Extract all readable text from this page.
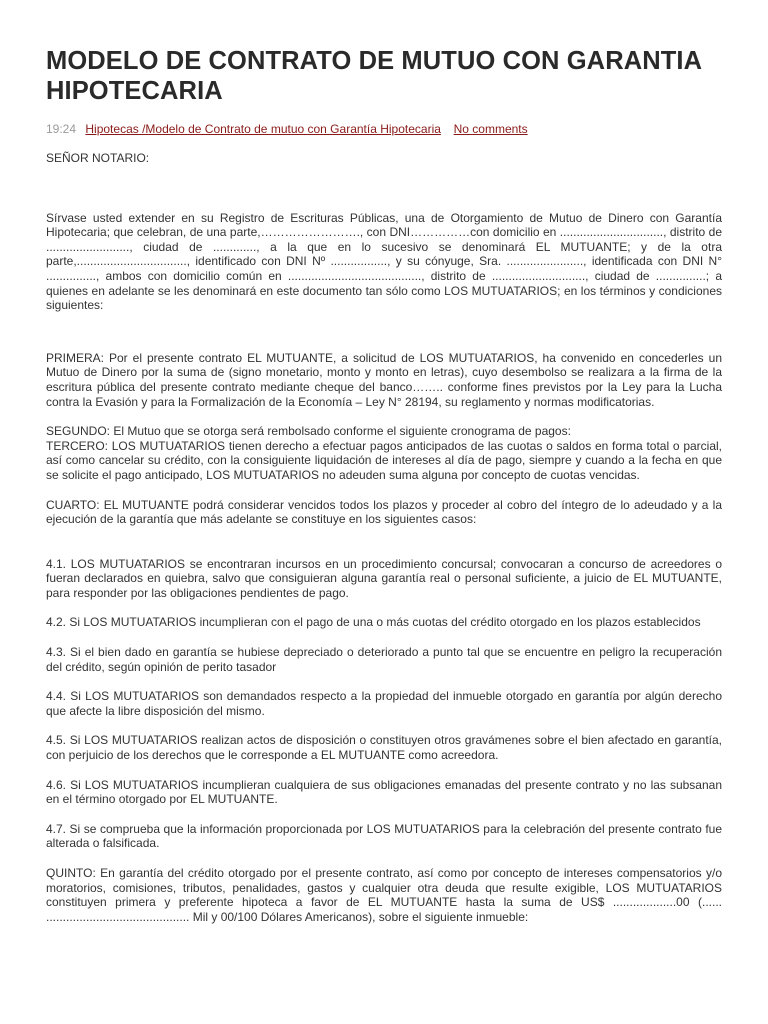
MODELO DE CONTRATO DE MUTUO CON GARANTIA HIPOTECARIA
19:24 Hipotecas /Modelo de Contrato de mutuo con Garantía Hipotecaria No comments

SEÑOR NOTARIO:

Sírvase usted extender en su Registro de Escrituras Públicas, una de Otorgamiento de Mutuo de Dinero con Garantía Hipotecaria; que celebran, de una parte,……………………., con DNI……………con domicilio en ..............................., distrito de ........................., ciudad de ............., a la que en lo sucesivo se denominará EL MUTUANTE; y de la otra parte,................................., identificado con DNI Nº ................., y su cónyuge, Sra. ......................., identificada con DNI N° ..............., ambos con domicilio común en ........................................, distrito de ............................, ciudad de ...............; a quienes en adelante se les denominará en este documento tan sólo como LOS MUTUATARIOS; en los términos y condiciones siguientes:

PRIMERA: Por el presente contrato EL MUTUANTE, a solicitud de LOS MUTUATARIOS, ha convenido en concederles un Mutuo de Dinero por la suma de (signo monetario, monto y monto en letras), cuyo desembolso se realizara a la firma de la escritura pública del presente contrato mediante cheque del banco…….. conforme fines previstos por la Ley para la Lucha contra la Evasión y para la Formalización de la Economía – Ley N° 28194, su reglamento y normas modificatorias.

SEGUNDO: El Mutuo que se otorga será rembolsado conforme el siguiente cronograma de pagos:

TERCERO: LOS MUTUATARIOS tienen derecho a efectuar pagos anticipados de las cuotas o saldos en forma total o parcial, así como cancelar su crédito, con la consiguiente liquidación de intereses al día de pago, siempre y cuando a la fecha en que se solicite el pago anticipado, LOS MUTUATARIOS no adeuden suma alguna por concepto de cuotas vencidas.

CUARTO: EL MUTUANTE podrá considerar vencidos todos los plazos y proceder al cobro del íntegro de lo adeudado y a la ejecución de la garantía que más adelante se constituye en los siguientes casos:

4.1. LOS MUTUATARIOS se encontraran incursos en un procedimiento concursal; convocaran a concurso de acreedores o fueran declarados en quiebra, salvo que consiguieran alguna garantía real o personal suficiente, a juicio de EL MUTUANTE, para responder por las obligaciones pendientes de pago.

4.2. Si LOS MUTUATARIOS incumplieran con el pago de una o más cuotas del crédito otorgado en los plazos establecidos

4.3. Si el bien dado en garantía se hubiese depreciado o deteriorado a punto tal que se encuentre en peligro la recuperación del crédito, según opinión de perito tasador

4.4. Si LOS MUTUATARIOS son demandados respecto a la propiedad del inmueble otorgado en garantía por algún derecho que afecte la libre disposición del mismo.

4.5. Si LOS MUTUATARIOS realizan actos de disposición o constituyen otros gravámenes sobre el bien afectado en garantía, con perjuicio de los derechos que le corresponde a EL MUTUANTE como acreedora.

4.6. Si LOS MUTUATARIOS incumplieran cualquiera de sus obligaciones emanadas del presente contrato y no las subsanan en el término otorgado por EL MUTUANTE.

4.7. Si se comprueba que la información proporcionada por LOS MUTUATARIOS para la celebración del presente contrato fue alterada o falsificada.

QUINTO: En garantía del crédito otorgado por el presente contrato, así como por concepto de intereses compensatorios y/o moratorios, comisiones, tributos, penalidades, gastos y cualquier otra deuda que resulte exigible, LOS MUTUATARIOS constituyen primera y preferente hipoteca a favor de EL MUTUANTE hasta la suma de US$ ...................00 (...... ........................................... Mil y 00/100 Dólares Americanos), sobre el siguiente inmueble:
